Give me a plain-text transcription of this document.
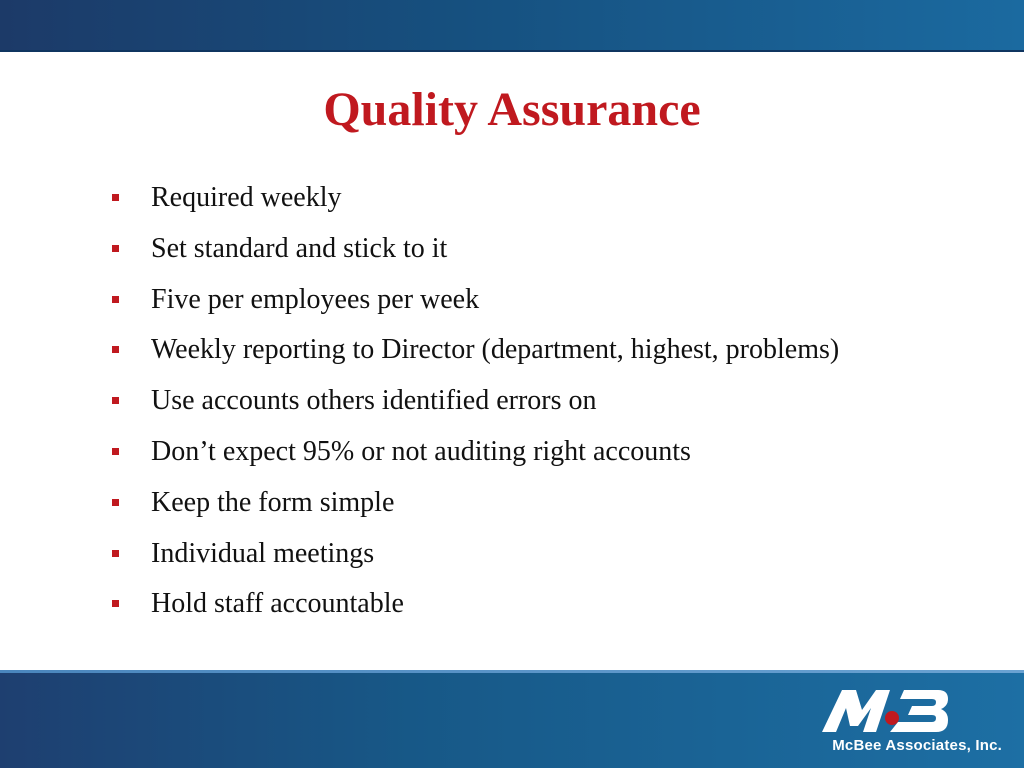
Quality Assurance
Required weekly
Set standard and stick to it
Five per employees per week
Weekly reporting to Director (department, highest, problems)
Use accounts others identified errors on
Don’t expect 95% or not auditing right accounts
Keep the form simple
Individual meetings
Hold staff accountable
McBee Associates, Inc.
